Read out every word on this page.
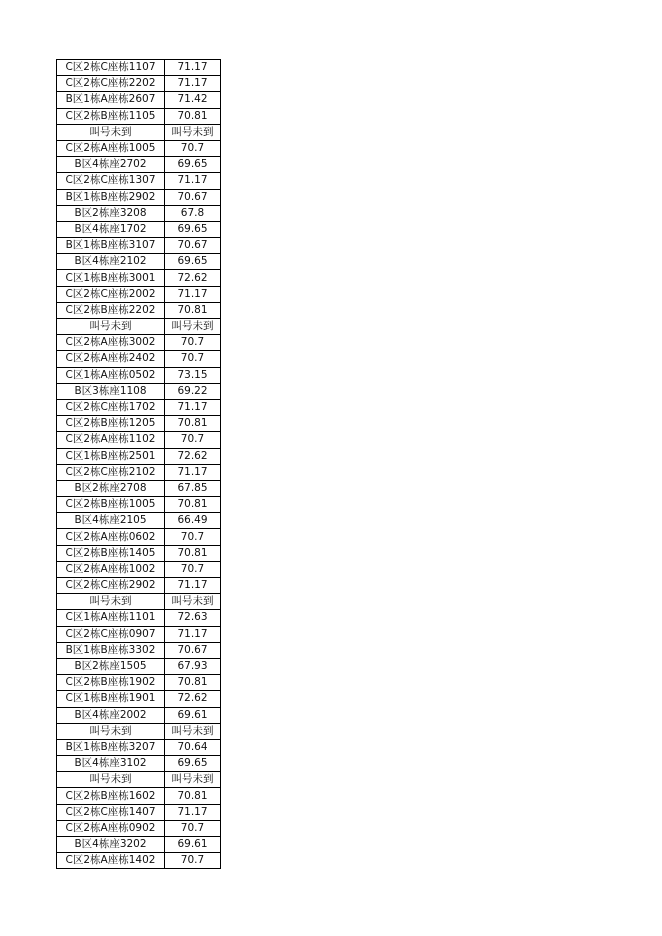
C区2栋C座栋1107	71.17
C区2栋C座栋2202	71.17
B区1栋A座栋2607	71.42
C区2栋B座栋1105	70.81
叫号未到	叫号未到
C区2栋A座栋1005	70.7
B区4栋座2702	69.65
C区2栋C座栋1307	71.17
B区1栋B座栋2902	70.67
B区2栋座3208	67.8
B区4栋座1702	69.65
B区1栋B座栋3107	70.67
B区4栋座2102	69.65
C区1栋B座栋3001	72.62
C区2栋C座栋2002	71.17
C区2栋B座栋2202	70.81
叫号未到	叫号未到
C区2栋A座栋3002	70.7
C区2栋A座栋2402	70.7
C区1栋A座栋0502	73.15
B区3栋座1108	69.22
C区2栋C座栋1702	71.17
C区2栋B座栋1205	70.81
C区2栋A座栋1102	70.7
C区1栋B座栋2501	72.62
C区2栋C座栋2102	71.17
B区2栋座2708	67.85
C区2栋B座栋1005	70.81
B区4栋座2105	66.49
C区2栋A座栋0602	70.7
C区2栋B座栋1405	70.81
C区2栋A座栋1002	70.7
C区2栋C座栋2902	71.17
叫号未到	叫号未到
C区1栋A座栋1101	72.63
C区2栋C座栋0907	71.17
B区1栋B座栋3302	70.67
B区2栋座1505	67.93
C区2栋B座栋1902	70.81
C区1栋B座栋1901	72.62
B区4栋座2002	69.61
叫号未到	叫号未到
B区1栋B座栋3207	70.64
B区4栋座3102	69.65
叫号未到	叫号未到
C区2栋B座栋1602	70.81
C区2栋C座栋1407	71.17
C区2栋A座栋0902	70.7
B区4栋座3202	69.61
C区2栋A座栋1402	70.7
